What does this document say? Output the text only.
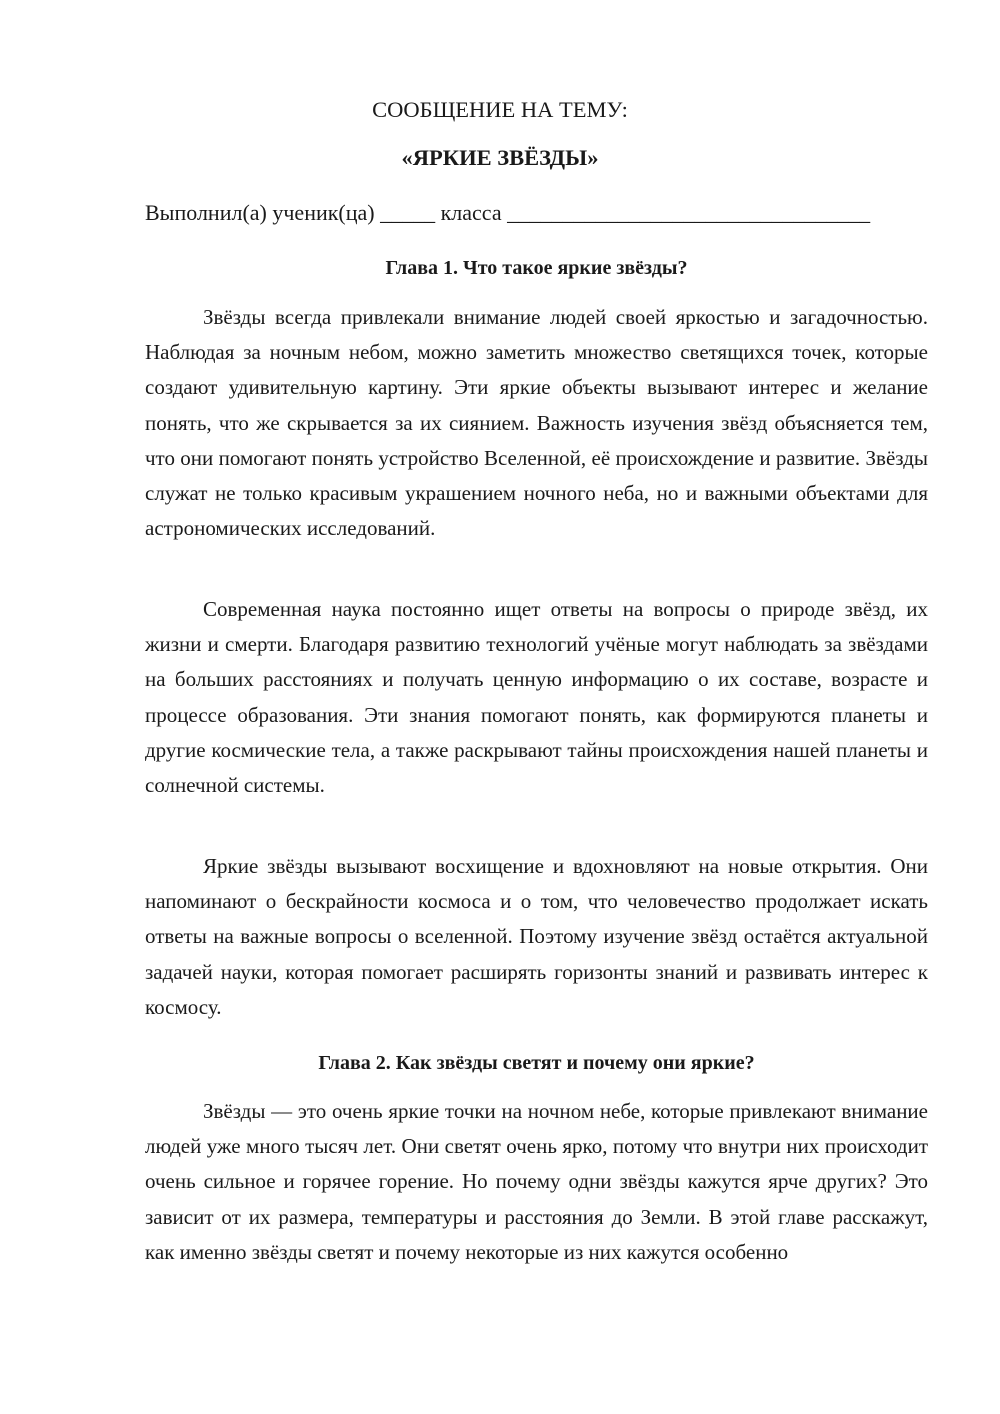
СООБЩЕНИЕ НА ТЕМУ:
«ЯРКИЕ ЗВЁЗДЫ»
Выполнил(а) ученик(ца) _____ класса _________________________________
Глава 1. Что такое яркие звёзды?

Звёзды всегда привлекали внимание людей своей яркостью и загадочностью. Наблюдая за ночным небом, можно заметить множество светящихся точек, которые создают удивительную картину. Эти яркие объекты вызывают интерес и желание понять, что же скрывается за их сиянием. Важность изучения звёзд объясняется тем, что они помогают понять устройство Вселенной, её происхождение и развитие. Звёзды служат не только красивым украшением ночного неба, но и важными объектами для астрономических исследований.

Современная наука постоянно ищет ответы на вопросы о природе звёзд, их жизни и смерти. Благодаря развитию технологий учёные могут наблюдать за звёздами на больших расстояниях и получать ценную информацию о их составе, возрасте и процессе образования. Эти знания помогают понять, как формируются планеты и другие космические тела, а также раскрывают тайны происхождения нашей планеты и солнечной системы.

Яркие звёзды вызывают восхищение и вдохновляют на новые открытия. Они напоминают о бескрайности космоса и о том, что человечество продолжает искать ответы на важные вопросы о вселенной. Поэтому изучение звёзд остаётся актуальной задачей науки, которая помогает расширять горизонты знаний и развивать интерес к космосу.

Глава 2. Как звёзды светят и почему они яркие?

Звёзды — это очень яркие точки на ночном небе, которые привлекают внимание людей уже много тысяч лет. Они светят очень ярко, потому что внутри них происходит очень сильное и горячее горение. Но почему одни звёзды кажутся ярче других? Это зависит от их размера, температуры и расстояния до Земли. В этой главе расскажут, как именно звёзды светят и почему некоторые из них кажутся особенно
